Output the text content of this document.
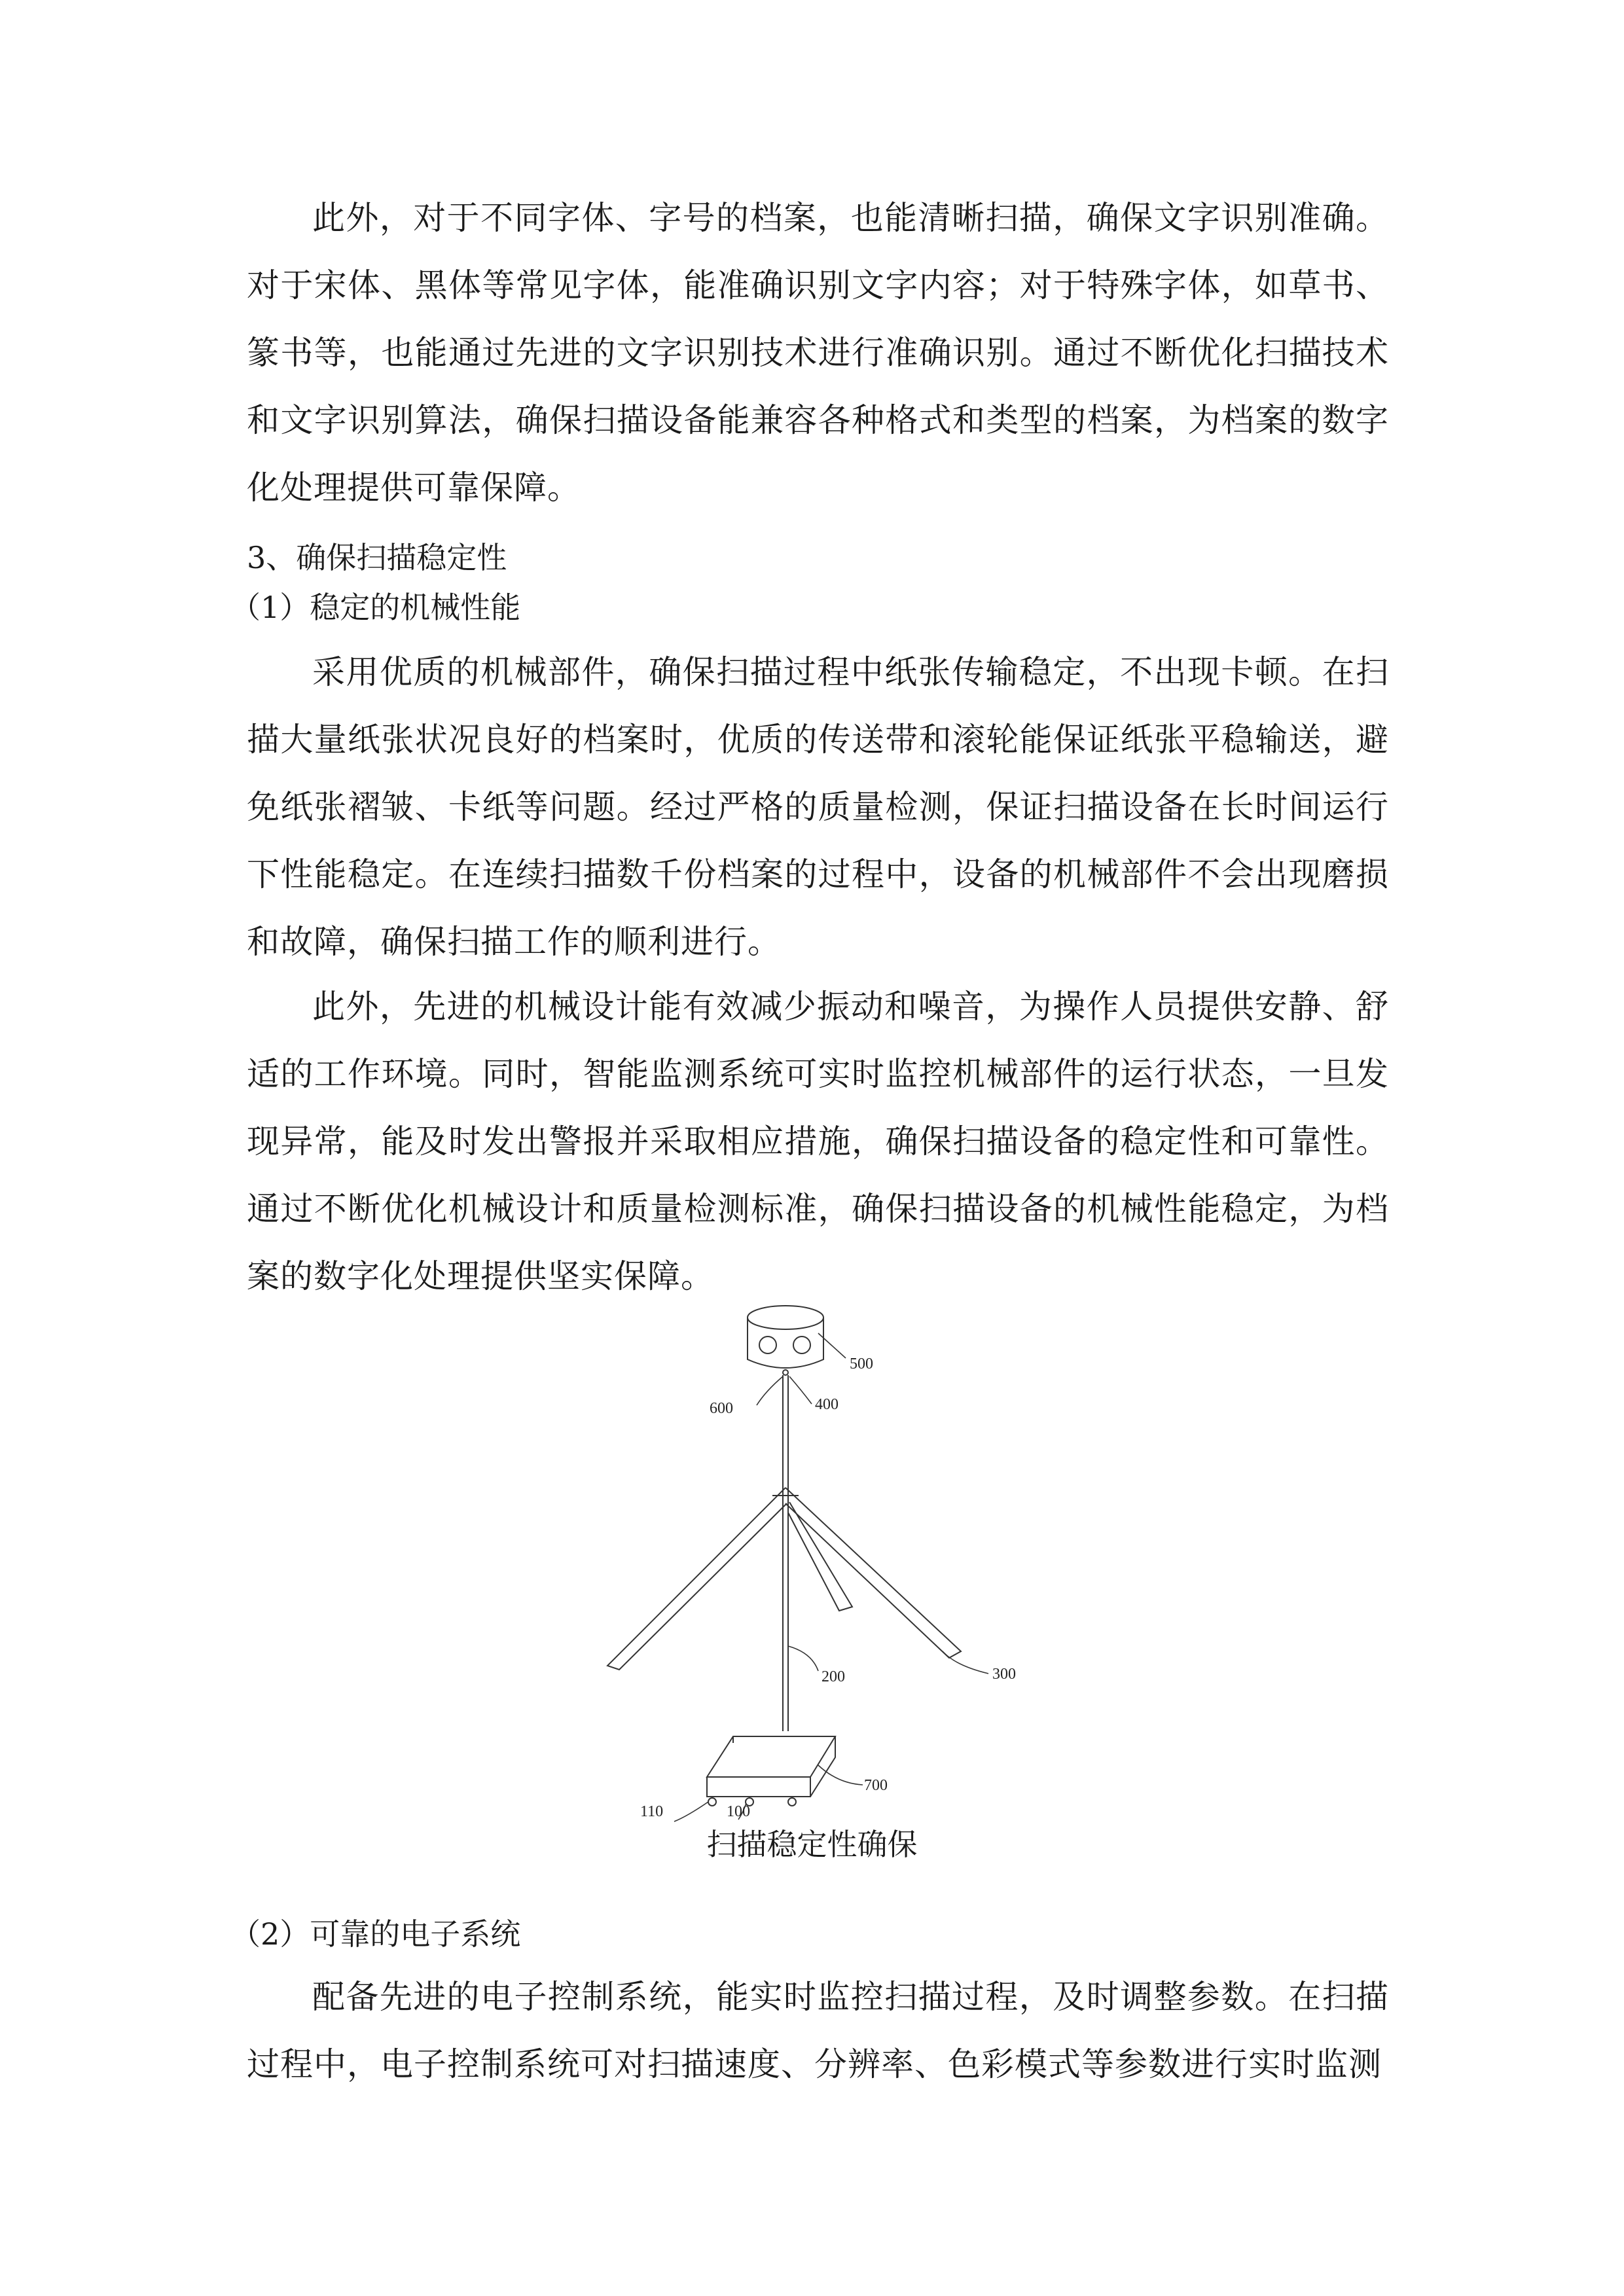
此外，对于不同字体、字号的档案，也能清晰扫描，确保文字识别准确。对于宋体、黑体等常见字体，能准确识别文字内容；对于特殊字体，如草书、篆书等，也能通过先进的文字识别技术进行准确识别。通过不断优化扫描技术和文字识别算法，确保扫描设备能兼容各种格式和类型的档案，为档案的数字化处理提供可靠保障。

3、确保扫描稳定性
（1）稳定的机械性能

采用优质的机械部件，确保扫描过程中纸张传输稳定，不出现卡顿。在扫描大量纸张状况良好的档案时，优质的传送带和滚轮能保证纸张平稳输送，避免纸张褶皱、卡纸等问题。经过严格的质量检测，保证扫描设备在长时间运行下性能稳定。在连续扫描数千份档案的过程中，设备的机械部件不会出现磨损和故障，确保扫描工作的顺利进行。

此外，先进的机械设计能有效减少振动和噪音，为操作人员提供安静、舒适的工作环境。同时，智能监测系统可实时监控机械部件的运行状态，一旦发现异常，能及时发出警报并采取相应措施，确保扫描设备的稳定性和可靠性。通过不断优化机械设计和质量检测标准，确保扫描设备的机械性能稳定，为档案的数字化处理提供坚实保障。

500
600	400
200	300
700
110	100

扫描稳定性确保

（2）可靠的电子系统

配备先进的电子控制系统，能实时监控扫描过程，及时调整参数。在扫描过程中，电子控制系统可对扫描速度、分辨率、色彩模式等参数进行实时监测
